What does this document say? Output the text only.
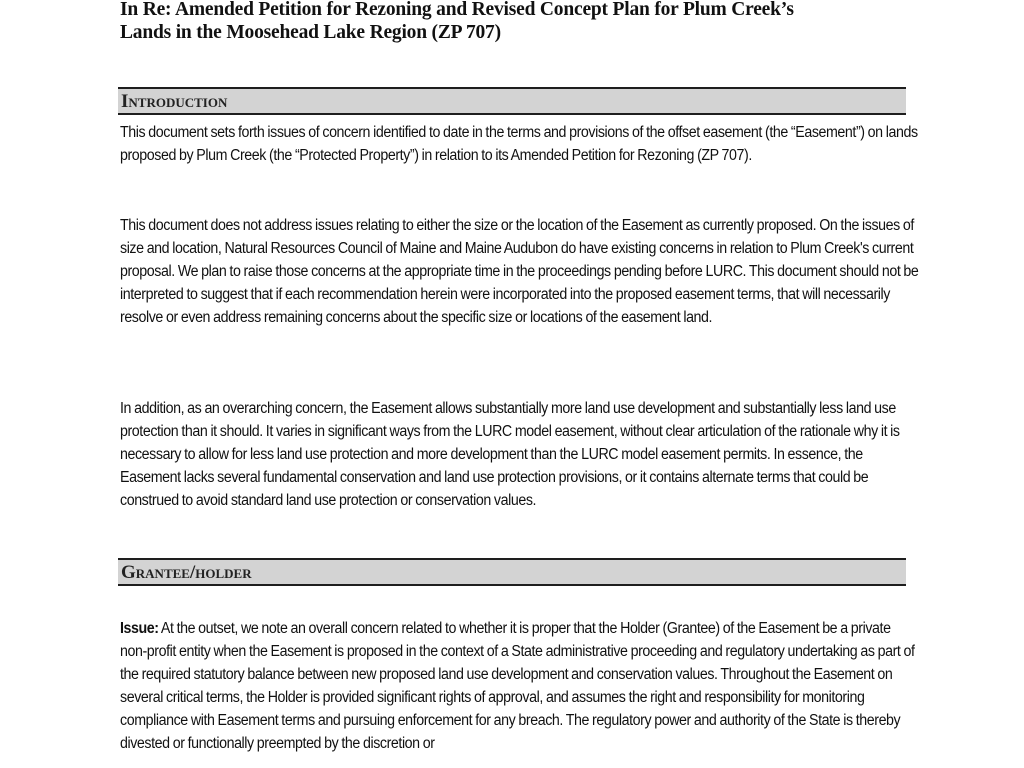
In Re: Amended Petition for Rezoning and Revised Concept Plan for Plum Creek’s
Lands in the Moosehead Lake Region (ZP 707)
Introduction

This document sets forth issues of concern identified to date in the terms and provisions of the offset easement (the “Easement”) on lands proposed by Plum Creek (the “Protected Property”) in relation to its Amended Petition for Rezoning (ZP 707).

This document does not address issues relating to either the size or the location of the Easement as currently proposed. On the issues of size and location, Natural Resources Council of Maine and Maine Audubon do have existing concerns in relation to Plum Creek's current proposal. We plan to raise those concerns at the appropriate time in the proceedings pending before LURC. This document should not be interpreted to suggest that if each recommendation herein were incorporated into the proposed easement terms, that will necessarily resolve or even address remaining concerns about the specific size or locations of the easement land.

In addition, as an overarching concern, the Easement allows substantially more land use development and substantially less land use protection than it should. It varies in significant ways from the LURC model easement, without clear articulation of the rationale why it is necessary to allow for less land use protection and more development than the LURC model easement permits. In essence, the Easement lacks several fundamental conservation and land use protection provisions, or it contains alternate terms that could be construed to avoid standard land use protection or conservation values.

Grantee/holder

Issue: At the outset, we note an overall concern related to whether it is proper that the Holder (Grantee) of the Easement be a private non-profit entity when the Easement is proposed in the context of a State administrative proceeding and regulatory undertaking as part of the required statutory balance between new proposed land use development and conservation values. Throughout the Easement on several critical terms, the Holder is provided significant rights of approval, and assumes the right and responsibility for monitoring compliance with Easement terms and pursuing enforcement for any breach. The regulatory power and authority of the State is thereby divested or functionally preempted by the discretion or
